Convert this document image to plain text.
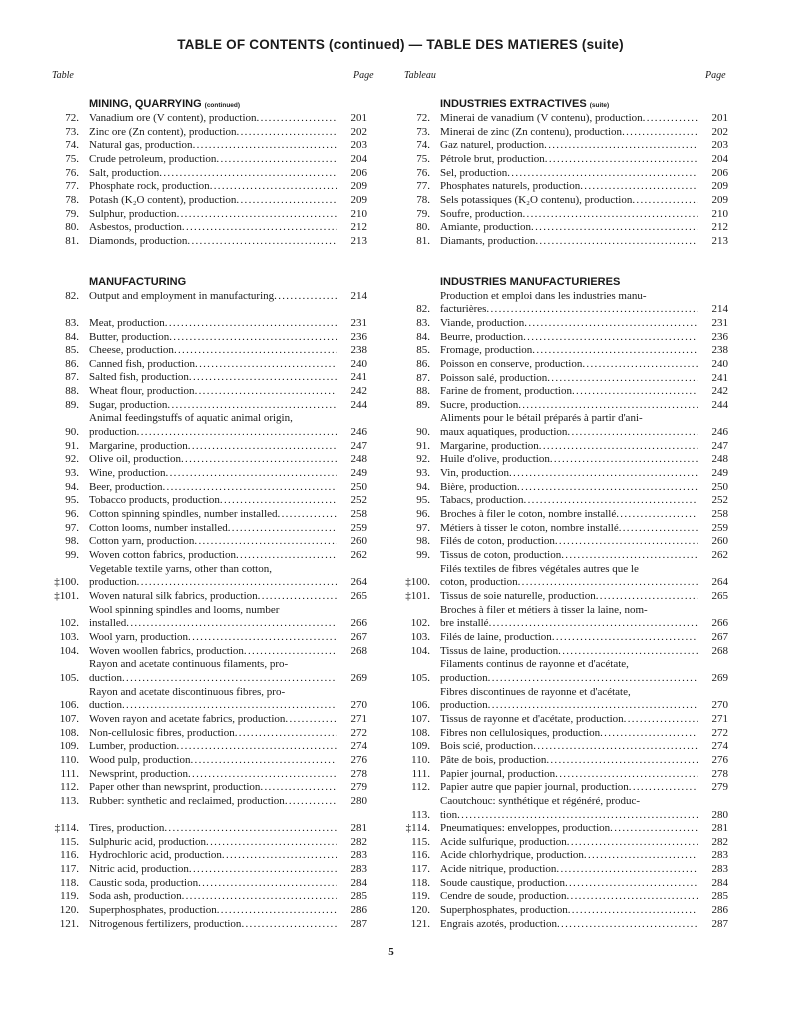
TABLE OF CONTENTS (continued) — TABLE DES MATIERES (suite)
Table	Page	Tableau	Page
MINING, QUARRYING (continued)
72. Vanadium ore (V content), production .....	201
73. Zinc ore (Zn content), production .....	202
74. Natural gas, production .....	203
75. Crude petroleum, production .....	204
76. Salt, production .....	206
77. Phosphate rock, production .....	209
78. Potash (K₂O content), production .....	209
79. Sulphur, production .....	210
80. Asbestos, production .....	212
81. Diamonds, production .....	213
MANUFACTURING
82. Output and employment in manufacturing .....	214
83. Meat, production .....	231
84. Butter, production .....	236
85. Cheese, production .....	238
86. Canned fish, production .....	240
87. Salted fish, production .....	241
88. Wheat flour, production .....	242
89. Sugar, production .....	244
90.
Animal feedingstuffs of aquatic animal origin,
production .....	246
91. Margarine, production .....	247
92. Olive oil, production .....	248
93. Wine, production .....	249
94. Beer, production .....	250
95. Tobacco products, production .....	252
96. Cotton spinning spindles, number installed .....	258
97. Cotton looms, number installed .....	259
98. Cotton yarn, production .....	260
99. Woven cotton fabrics, production .....	262
‡100.
Vegetable textile yarns, other than cotton,
production .....	264
‡101. Woven natural silk fabrics, production .....	265
102.
Wool spinning spindles and looms, number
installed .....	266
103. Wool yarn, production .....	267
104. Woven woollen fabrics, production .....	268
105.
Rayon and acetate continuous filaments, pro-
duction .....	269
106.
Rayon and acetate discontinuous fibres, pro-
duction .....	270
107. Woven rayon and acetate fabrics, production .....	271
108. Non-cellulosic fibres, production .....	272
109. Lumber, production .....	274
110. Wood pulp, production .....	276
111. Newsprint, production .....	278
112. Paper other than newsprint, production .....	279
113. Rubber: synthetic and reclaimed, production .....	280
‡114. Tires, production .....	281
115. Sulphuric acid, production .....	282
116. Hydrochloric acid, production .....	283
117. Nitric acid, production .....	283
118. Caustic soda, production .....	284
119. Soda ash, production .....	285
120. Superphosphates, production .....	286
121. Nitrogenous fertilizers, production .....	287
INDUSTRIES EXTRACTIVES (suite)
72. Minerai de vanadium (V contenu), production .....	201
73. Minerai de zinc (Zn contenu), production .....	202
74. Gaz naturel, production .....	203
75. Pétrole brut, production .....	204
76. Sel, production .....	206
77. Phosphates naturels, production .....	209
78. Sels potassiques (K₂O contenu), production .....	209
79. Soufre, production .....	210
80. Amiante, production .....	212
81. Diamants, production .....	213
INDUSTRIES MANUFACTURIERES
82.
Production et emploi dans les industries manu-
facturières .....	214
83. Viande, production .....	231
84. Beurre, production .....	236
85. Fromage, production .....	238
86. Poisson en conserve, production .....	240
87. Poisson salé, production .....	241
88. Farine de froment, production .....	242
89. Sucre, production .....	244
90.
Aliments pour le bétail préparés à partir d'ani-
maux aquatiques, production .....	246
91. Margarine, production .....	247
92. Huile d'olive, production .....	248
93. Vin, production .....	249
94. Bière, production .....	250
95. Tabacs, production .....	252
96. Broches à filer le coton, nombre installé .....	258
97. Métiers à tisser le coton, nombre installé .....	259
98. Filés de coton, production .....	260
99. Tissus de coton, production .....	262
‡100.
Filés textiles de fibres végétales autres que le
coton, production .....	264
‡101. Tissus de soie naturelle, production .....	265
102.
Broches à filer et métiers à tisser la laine, nom-
bre installé .....	266
103. Filés de laine, production .....	267
104. Tissus de laine, production .....	268
105.
Filaments continus de rayonne et d'acétate,
production .....	269
106.
Fibres discontinues de rayonne et d'acétate,
production .....	270
107. Tissus de rayonne et d'acétate, production .....	271
108. Fibres non cellulosiques, production .....	272
109. Bois scié, production .....	274
110. Pâte de bois, production .....	276
111. Papier journal, production .....	278
112. Papier autre que papier journal, production .....	279
113.
Caoutchouc: synthétique et régénéré, produc-
tion .....	280
‡114. Pneumatiques: enveloppes, production .....	281
115. Acide sulfurique, production .....	282
116. Acide chlorhydrique, production .....	283
117. Acide nitrique, production .....	283
118. Soude caustique, production .....	284
119. Cendre de soude, production .....	285
120. Superphosphates, production .....	286
121. Engrais azotés, production .....	287
5
